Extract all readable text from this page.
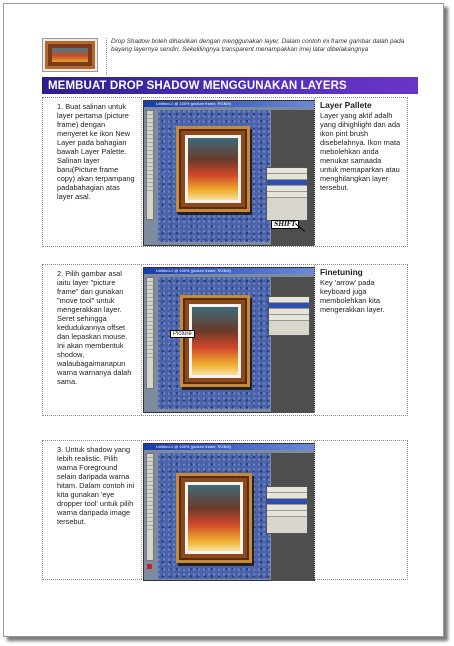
Drop Shadow boleh dihasilkan dengan menggunakan layer. Dalam contoh ini frame gambar dalah pada bayang layernya sendiri, Sekelilingnya transparent menampakkan imej latar dibelakangnya
MEMBUAT DROP SHADOW MENGGUNAKAN LAYERS
1. Buat salinan untuk layer pertama (picture frame) dengan menyeret ke ikon New Layer pada bahagian bawah Layer Palette. Salinan layer baru(Picture frame copy) akan terpampang padabahagian atas layer asal.
Untitled-1 @ 100% (picture frame, RGB/8)
SHIFT
Layer Pallete
Layer yang aktif adalh yang dihighlight dan ada ikon pint brush disebelahnya. Ikon mata mebolehkan anda menukar samaada untuk memaparkan atau menghilangkan layer tersebut.
2. Pilih gambar asal iaitu layer "picture frame" dan gunakan "move tool" untuk mengerakkan layer. Seret sehingga kedudukannya offset dan lepaskan mouse. Ini akan membentuk shodow, walaubagaimanapun warna warnanya dalah sama.
Untitled-1 @ 100% (picture frame, RGB/8)
Picture
Finetuning
Key 'arrow' pada keyboard juga membolehkan kita mengerakkan layer.
3. Untuk shadow yang lebih realistic. Pilih warna Foreground selain daripada warna hitam. Dalam contoh ini kita gunakan 'eye dropper tool' untuk pilih warna daripada image tersebut.
Untitled-1 @ 100% (picture frame, RGB/8)
